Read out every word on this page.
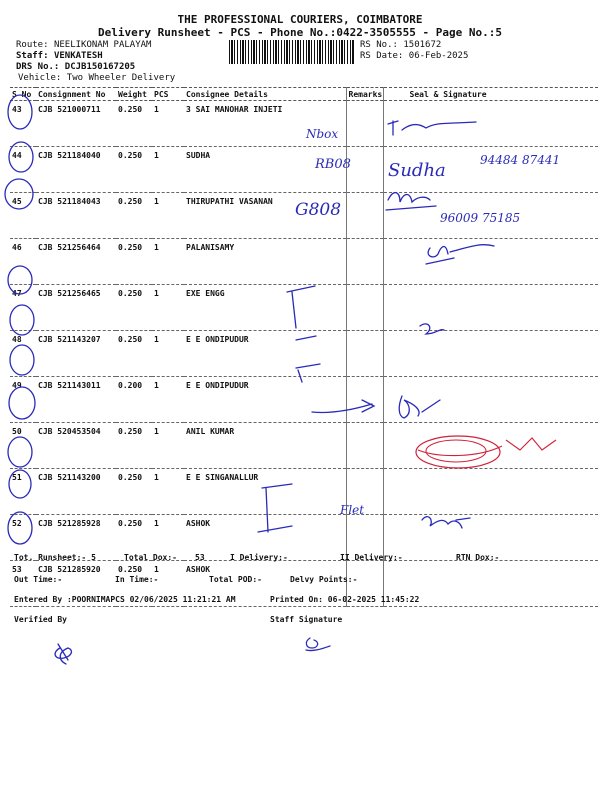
THE PROFESSIONAL COURIERS, COIMBATORE
Delivery Runsheet - PCS - Phone No.:0422-3505555 - Page No.:5
Route: NEELIKONAM PALAYAM
Staff: VENKATESH
DRS No.: DCJB150167205
Vehicle: Two Wheeler Delivery
RS No.: 1501672
RS Date: 06-Feb-2025
S No	Consignment No	Weight	PCS	Consignee Details	Remarks	Seal & Signature
43	CJB 521000711	0.250	1	3 SAI MANOHAR INJETI		
44	CJB 521184040	0.250	1	SUDHA		
45	CJB 521184043	0.250	1	THIRUPATHI VASANAN		
46	CJB 521256464	0.250	1	PALANISAMY		
47	CJB 521256465	0.250	1	EXE ENGG		
48	CJB 521143207	0.250	1	E E ONDIPUDUR		
49	CJB 521143011	0.200	1	E E ONDIPUDUR		
50	CJB 520453504	0.250	1	ANIL KUMAR		
51	CJB 521143200	0.250	1	E E SINGANALLUR		
52	CJB 521285928	0.250	1	ASHOK		
53	CJB 521285920	0.250	1	ASHOK		
Tot. Runsheet:- 5	Total Dox:- 53	I Delivery:-	II Delivery:-	RTN Dox:-
Out Time:-	In Time:-	Total POD:-	Delvy Points:-
Entered By :POORNIMAPCS 02/06/2025 11:21:21 AM	Printed On: 06-02-2025 11:45:22
Verified By	Staff Signature
Nbox
RB08 Sudha	94484 87441
G808	96009 75185
Flet
